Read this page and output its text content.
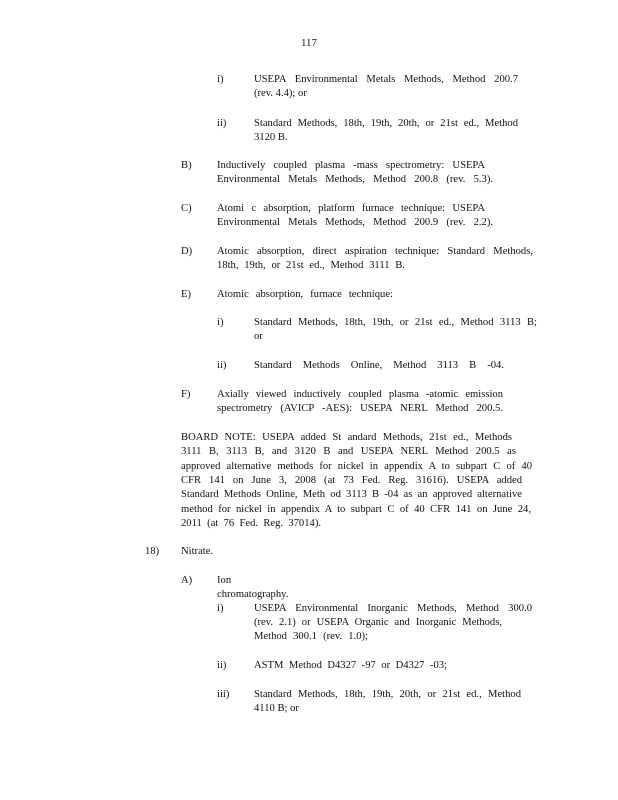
117
i)	USEPA Environmental Metals Methods, Method 200.7
(rev. 4.4); or
ii)	Standard Methods, 18th, 19th, 20th, or 21st ed., Method
3120 B.
B) Inductively coupled plasma -mass spectrometry: USEPA
Environmental Metals Methods, Method 200.8 (rev. 5.3).
C) Atomi c absorption, platform furnace technique: USEPA
Environmental Metals Methods, Method 200.9 (rev. 2.2).
D) Atomic absorption, direct aspiration technique: Standard Methods,
18th, 19th, or 21st ed., Method 3111 B.
E) Atomic absorption, furnace technique:
i)	Standard Methods, 18th, 19th, or 21st ed., Method 3113 B;
or
ii)	Standard Methods Online, Method 3113 B -04.
F)	Axially viewed inductively coupled plasma -atomic emission
spectrometry (AVICP -AES): USEPA NERL Method 200.5.
BOARD NOTE: USEPA added St andard Methods, 21st ed., Methods
3111 B, 3113 B, and 3120 B and USEPA NERL Method 200.5 as
approved alternative methods for nickel in appendix A to subpart C of 40
CFR 141 on June 3, 2008 (at 73 Fed. Reg. 31616). USEPA added
Standard Methods Online, Meth od 3113 B -04 as an approved alternative
method for nickel in appendix A to subpart C of 40 CFR 141 on June 24,
2011 (at 76 Fed. Reg. 37014).
18) Nitrate.
A) Ion chromatography.
i)	USEPA Environmental Inorganic Methods, Method 300.0
(rev. 2.1) or USEPA Organic and Inorganic Methods,
Method 300.1 (rev. 1.0);
ii)	ASTM Method D4327 -97 or D4327 -03;
iii) Standard Methods, 18th, 19th, 20th, or 21st ed., Method
4110 B; or
